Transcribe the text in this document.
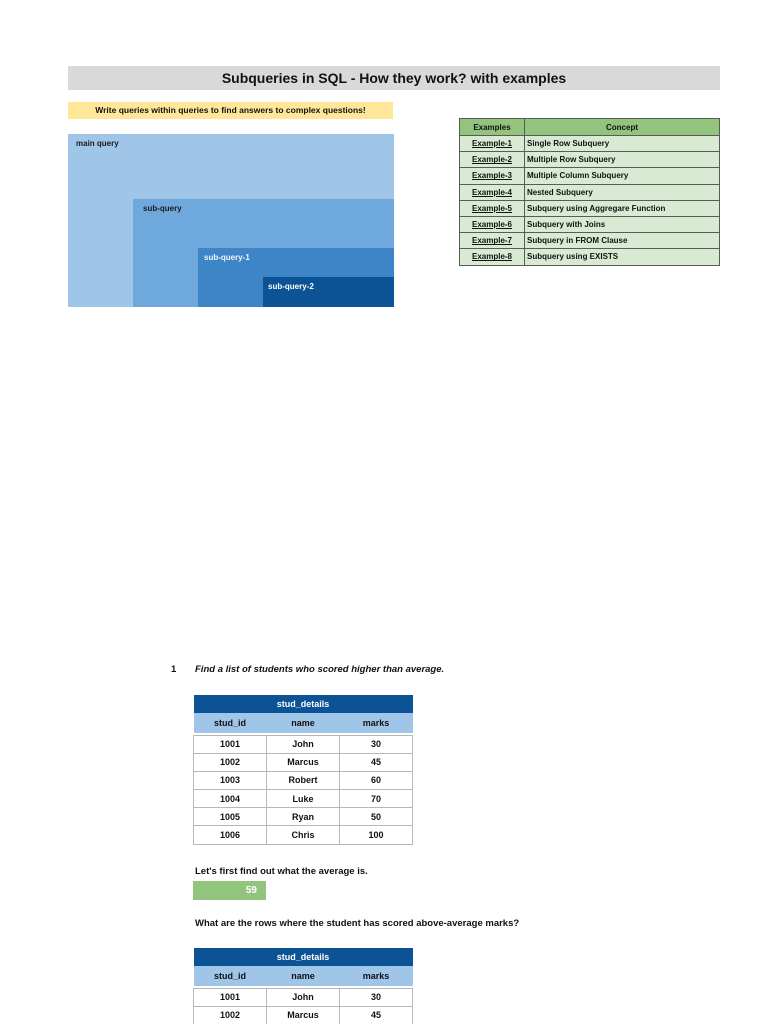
Subqueries in SQL - How they work? with examples
Write queries within queries to find answers to complex questions!
main query
sub-query
sub-query-1
sub-query-2
Examples	Concept
Example-1	Single Row Subquery
Example-2	Multiple Row Subquery
Example-3	Multiple Column Subquery
Example-4	Nested Subquery
Example-5	Subquery using Aggregare Function
Example-6	Subquery with Joins
Example-7	Subquery in FROM Clause
Example-8	Subquery using EXISTS
1 Find a list of students who scored higher than average.
stud_details		
stud_id	name	marks

1001	John	30
1002	Marcus	45
1003	Robert	60
1004	Luke	70
1005	Ryan	50
1006	Chris	100
Let's first find out what the average is.
59
What are the rows where the student has scored above-average marks?
stud_details		
stud_id	name	marks

1001	John	30
1002	Marcus	45
